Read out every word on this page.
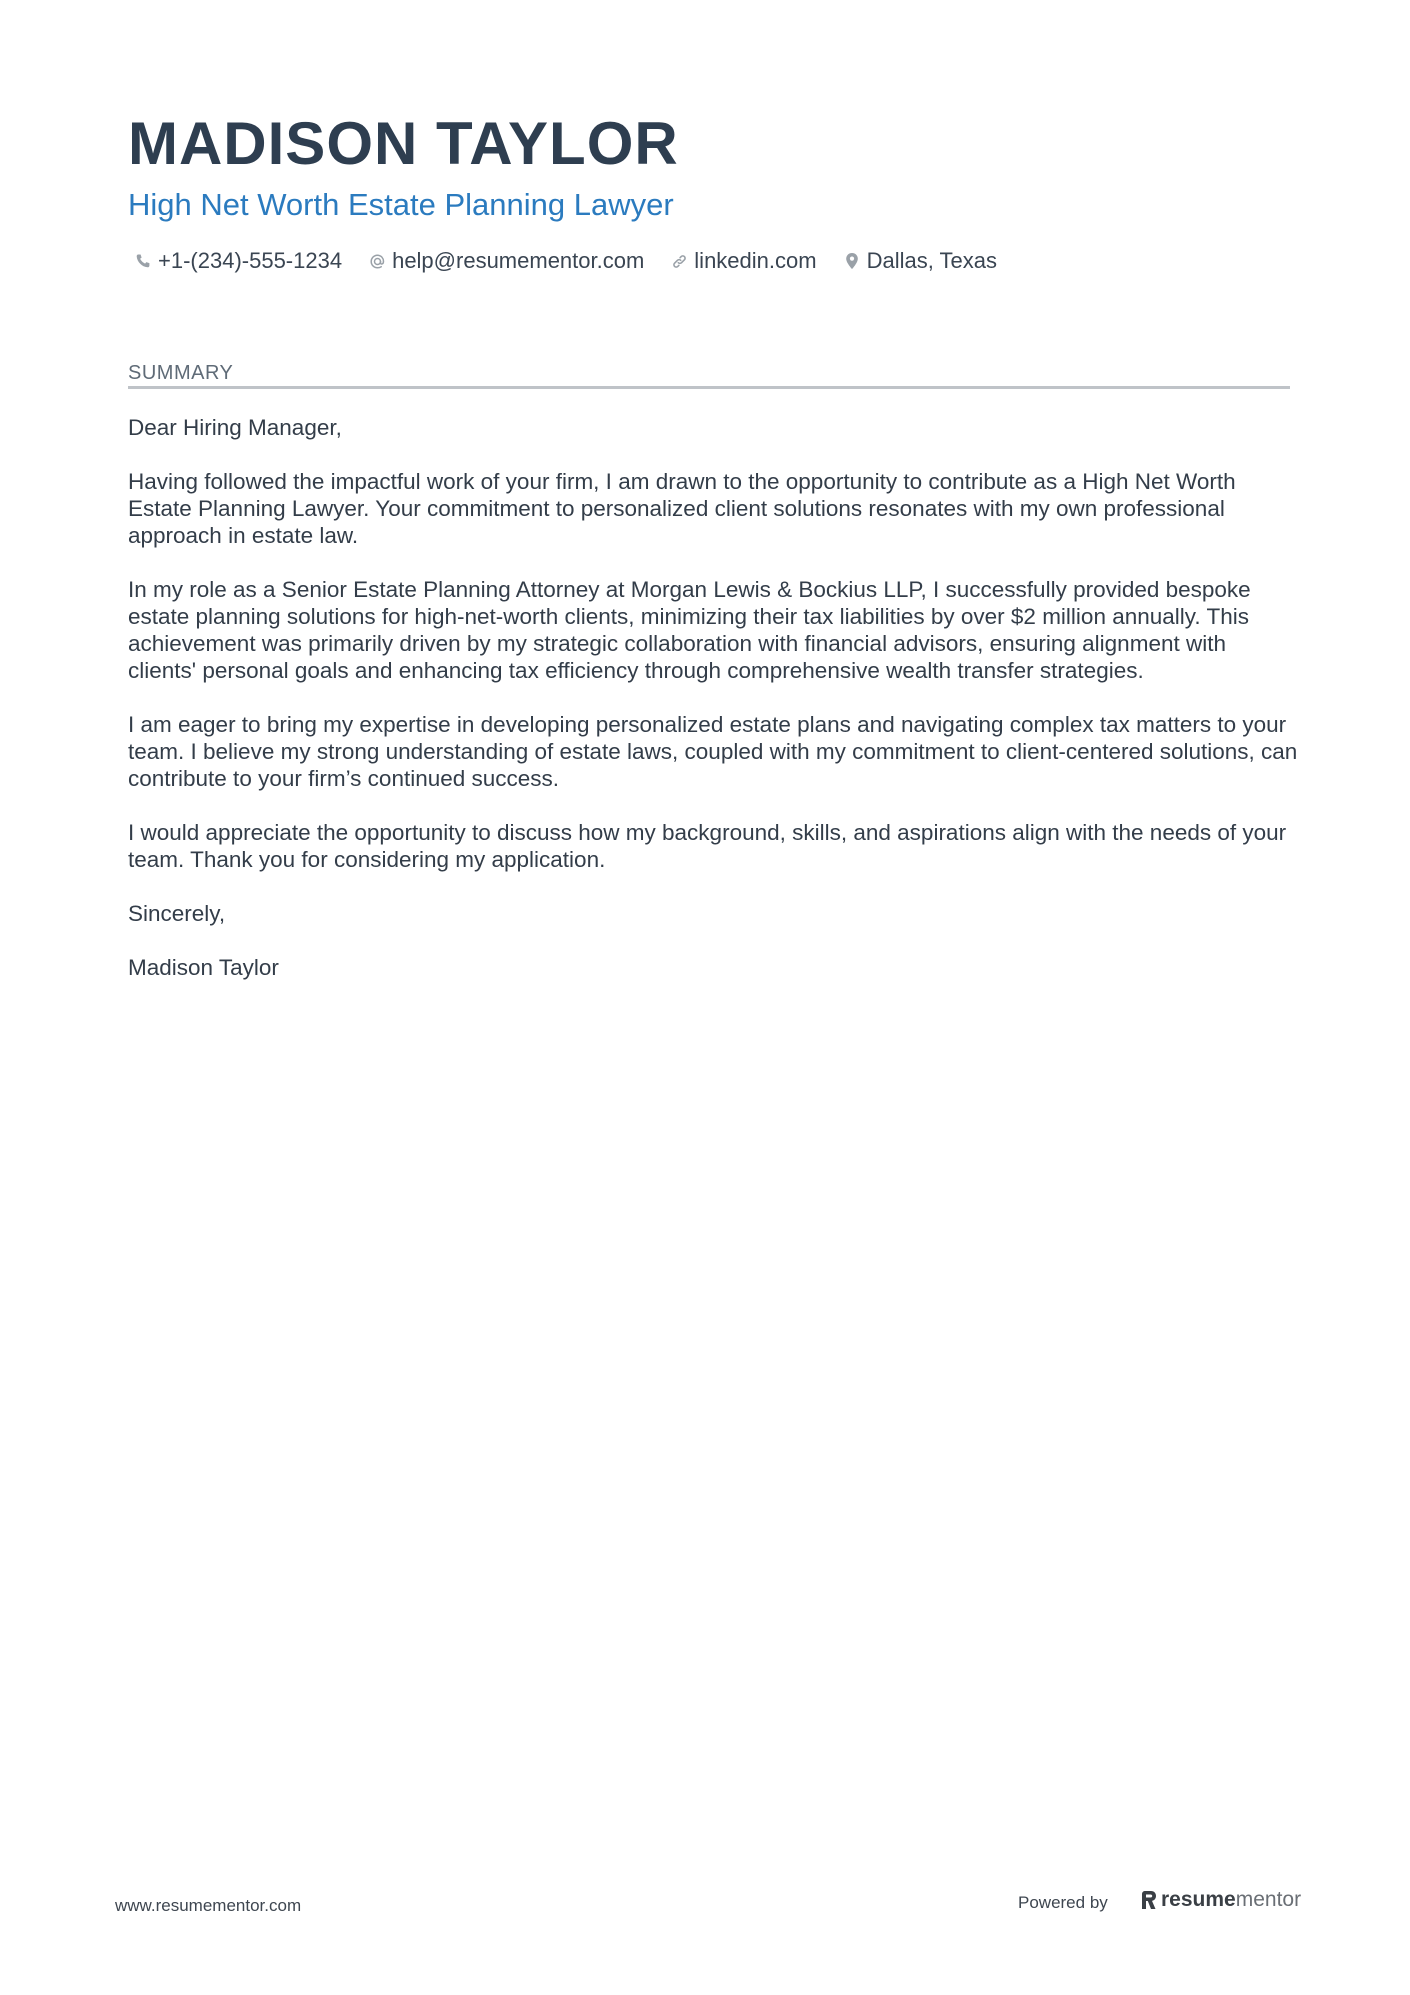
MADISON TAYLOR
High Net Worth Estate Planning Lawyer
+1-(234)-555-1234 help@resumementor.com linkedin.com Dallas, Texas
SUMMARY

Dear Hiring Manager,

Having followed the impactful work of your firm, I am drawn to the opportunity to contribute as a High Net Worth Estate Planning Lawyer. Your commitment to personalized client solutions resonates with my own professional approach in estate law.

In my role as a Senior Estate Planning Attorney at Morgan Lewis & Bockius LLP, I successfully provided bespoke estate planning solutions for high-net-worth clients, minimizing their tax liabilities by over $2 million annually. This achievement was primarily driven by my strategic collaboration with financial advisors, ensuring alignment with clients' personal goals and enhancing tax efficiency through comprehensive wealth transfer strategies.

I am eager to bring my expertise in developing personalized estate plans and navigating complex tax matters to your team. I believe my strong understanding of estate laws, coupled with my commitment to client-centered solutions, can contribute to your firm’s continued success.

I would appreciate the opportunity to discuss how my background, skills, and aspirations align with the needs of your team. Thank you for considering my application.

Sincerely,

Madison Taylor

www.resumementor.com	Powered by	resume mentor
